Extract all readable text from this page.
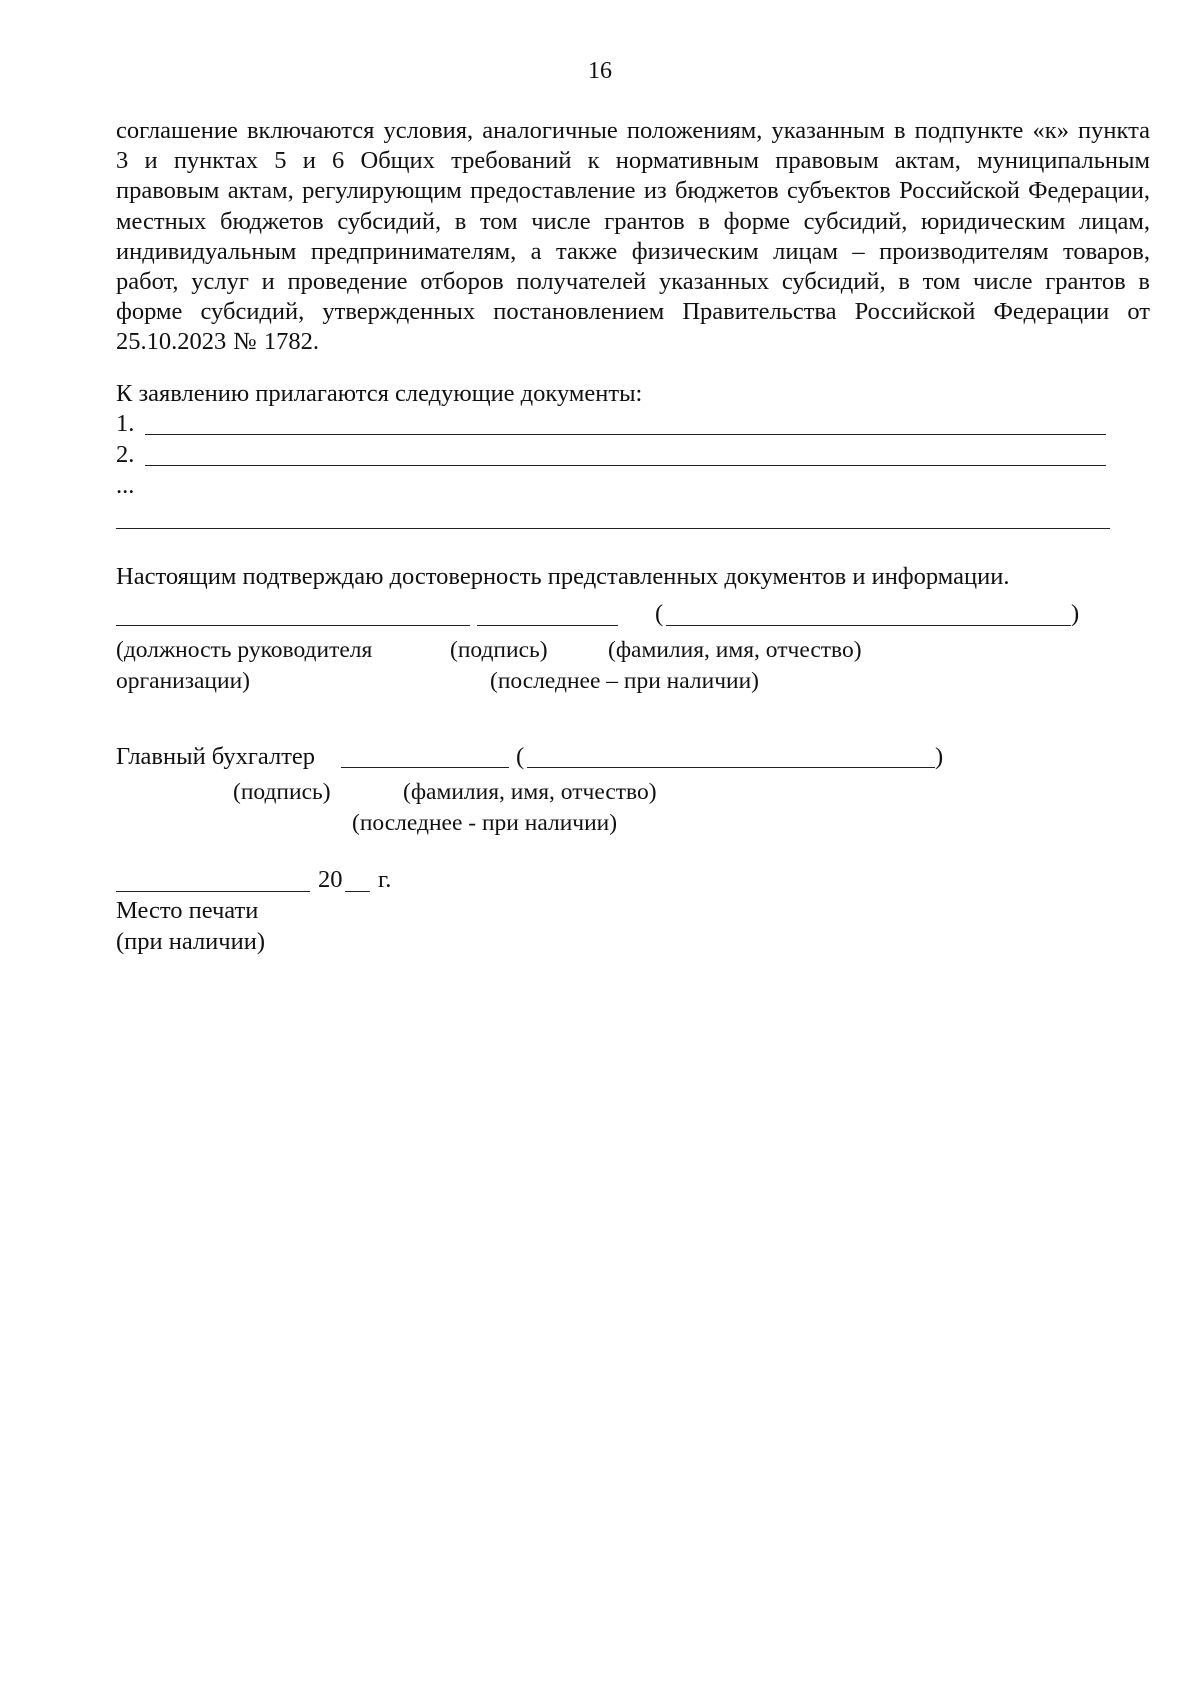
16
соглашение включаются условия, аналогичные положениям, указанным в подпункте «к» пункта 3 и пунктах 5 и 6 Общих требований к нормативным правовым актам, муниципальным правовым актам, регулирующим предоставление из бюджетов субъектов Российской Федерации, местных бюджетов субсидий, в том числе грантов в форме субсидий, юридическим лицам, индивидуальным предпринимателям, а также физическим лицам – производителям товаров, работ, услуг и проведение отборов получателей указанных субсидий, в том числе грантов в форме субсидий, утвержденных постановлением Правительства Российской Федерации от 25.10.2023 № 1782.
К заявлению прилагаются следующие документы:
1.
2.
...
Настоящим подтверждаю достоверность представленных документов и информации.
(	)
(должность руководителя	(подпись)	(фамилия, имя, отчество)
организации)	(последнее – при наличии)
Главный бухгалтер	(	)
(подпись)	(фамилия, имя, отчество)
(последнее - при наличии)
20 г.
Место печати
(при наличии)
